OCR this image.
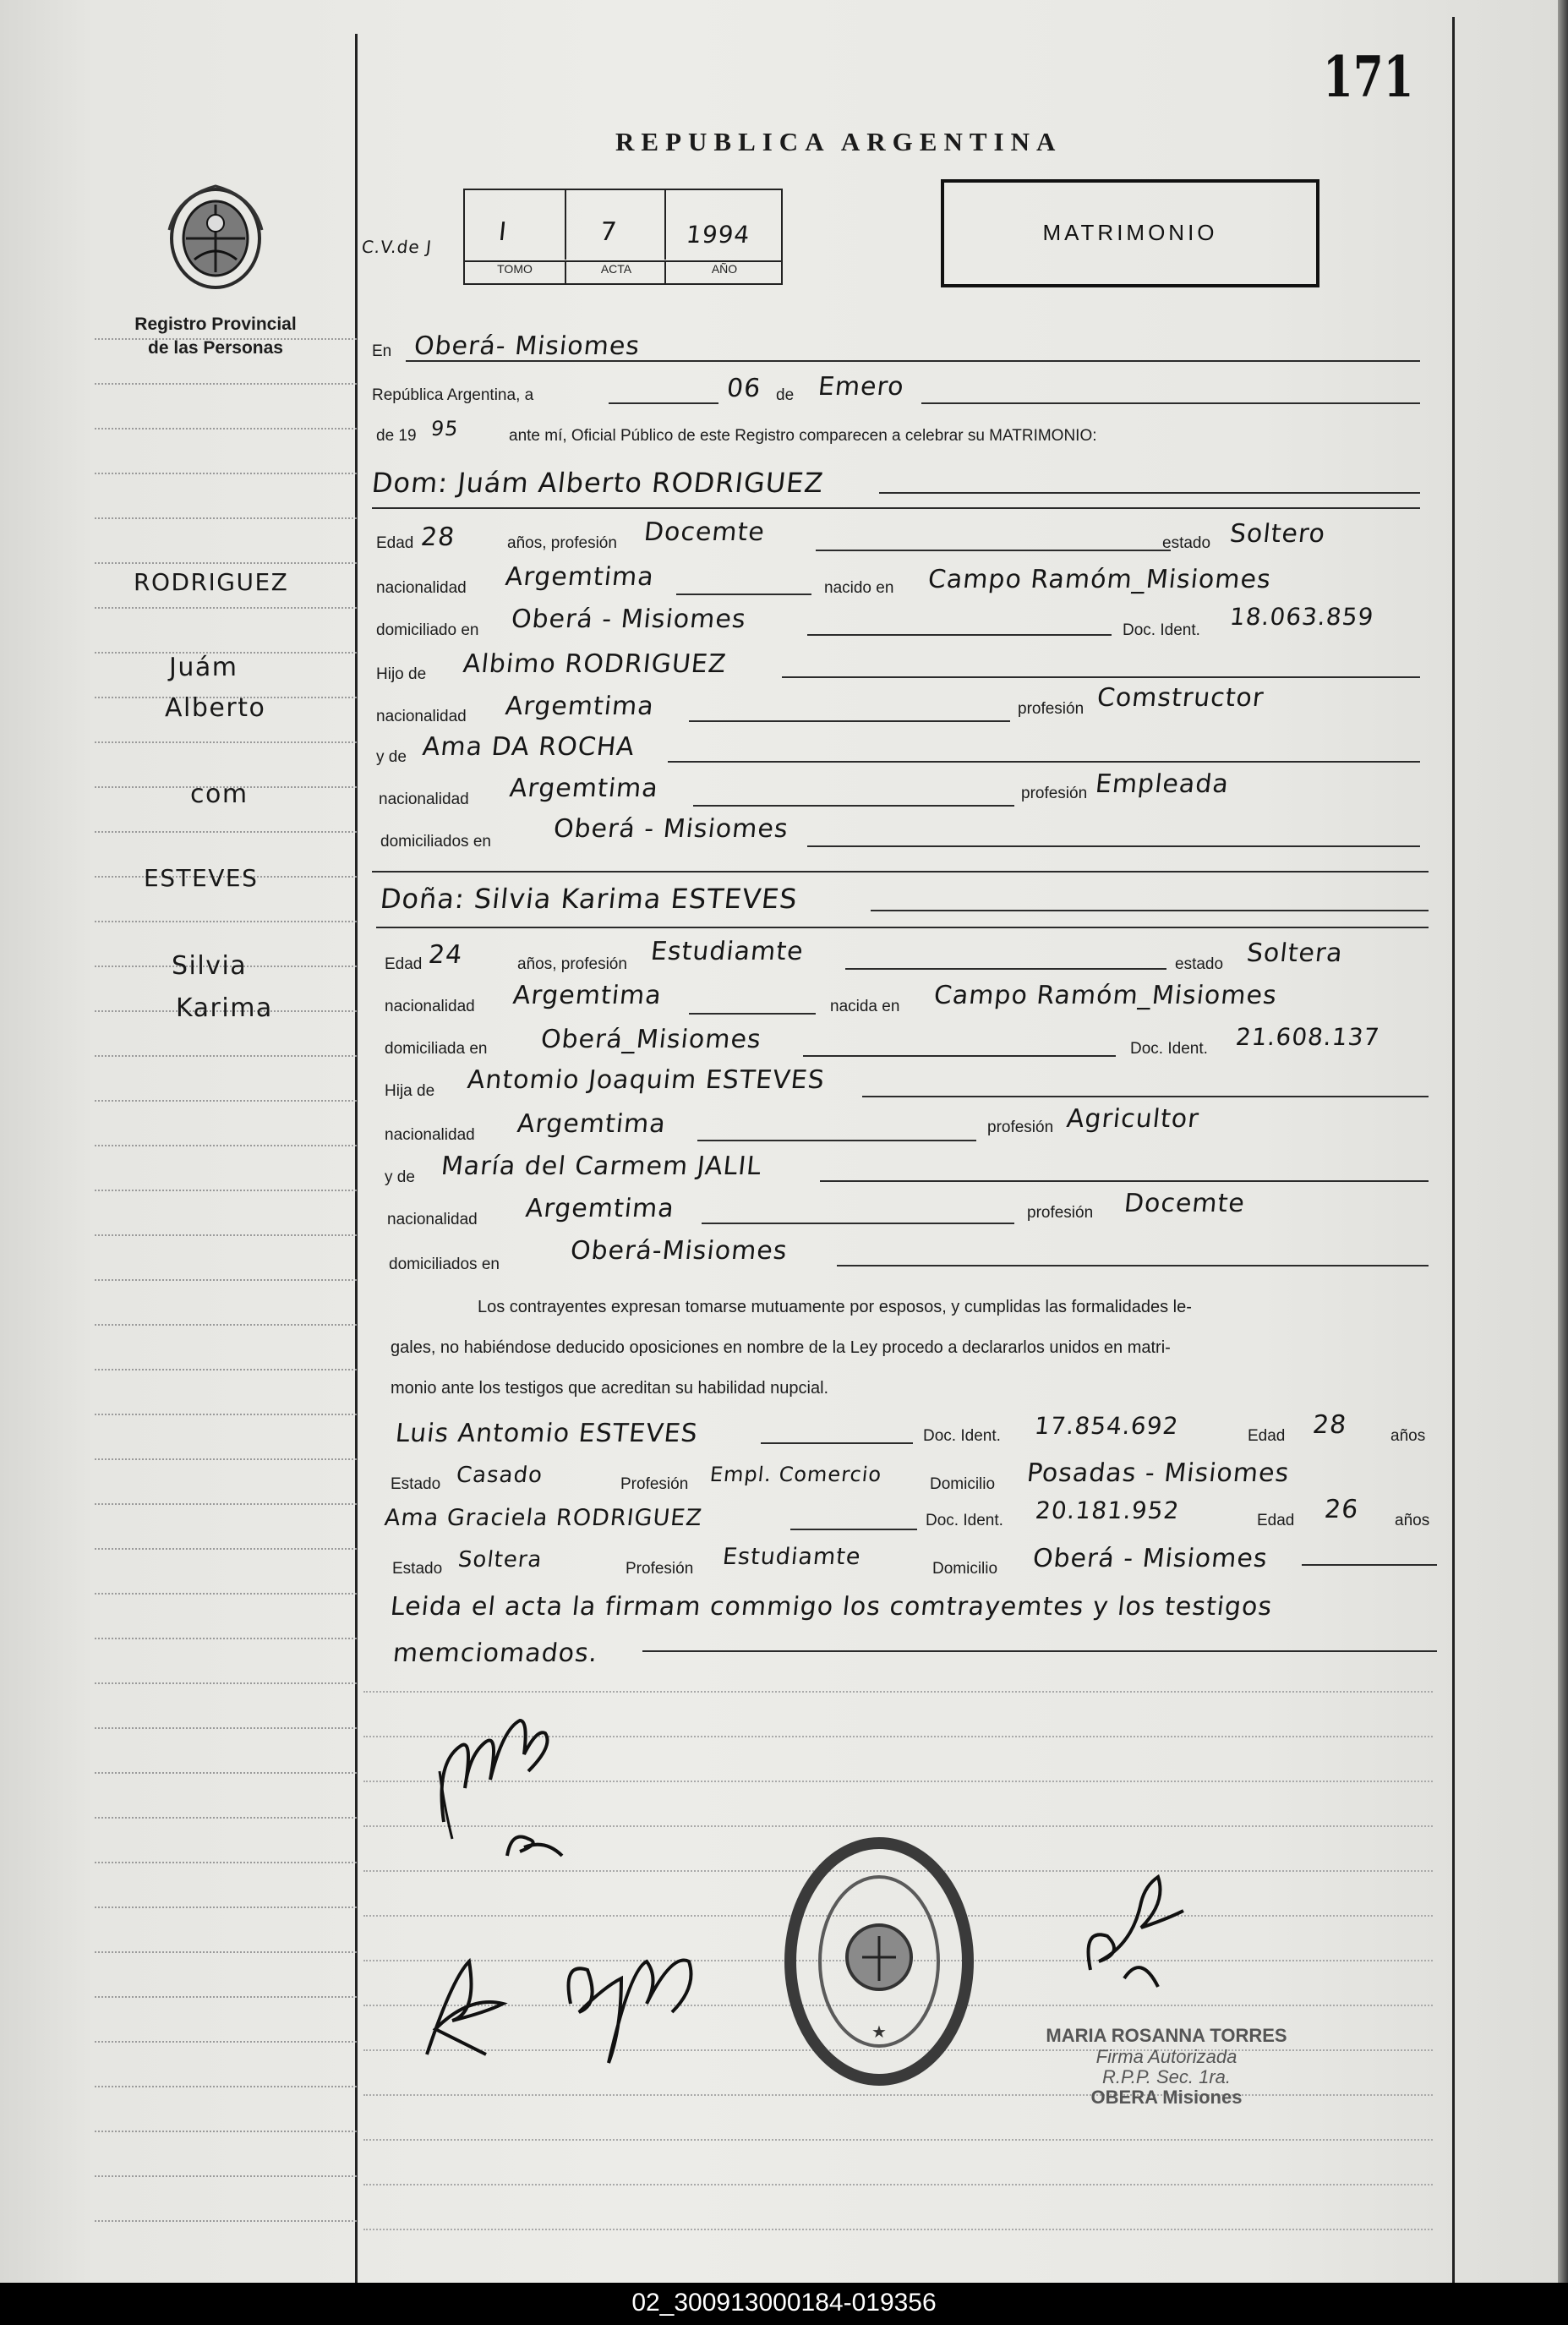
171
REPUBLICA ARGENTINA
Registro Provincial
de las Personas
C.V.de J	I	7	1994
TOMO	ACTA	AÑO
MATRIMONIO
En Oberá- Misiomes
República Argentina, a	06 de Emero
de 19 95	ante mí, Oficial Público de este Registro comparecen a celebrar su MATRIMONIO:
Dom: Juám Alberto RODRIGUEZ
Edad 28	años, profesión Docemte	estado Soltero
nacionalidad Argemtima	nacido en Campo Ramóm_Misiomes
domiciliado en Oberá - Misiomes	Doc. Ident. 18.063.859
Hijo de Albimo RODRIGUEZ
nacionalidad Argemtima	profesión Comstructor
y de Ama DA ROCHA
nacionalidad Argemtima	profesión Empleada
domiciliados en Oberá - Misiomes
Doña: Silvia Karima ESTEVES
Edad 24	años, profesión Estudiamte	estado Soltera
nacionalidad Argemtima	nacida en Campo Ramóm_Misiomes
domiciliada en Oberá_Misiomes	Doc. Ident. 21.608.137
Hija de Antomio Joaquim ESTEVES
nacionalidad Argemtima	profesión Agricultor
y de María del Carmem JALIL
nacionalidad Argemtima	profesión Docemte
domiciliados en	Oberá-Misiomes
Los contrayentes expresan tomarse mutuamente por esposos, y cumplidas las formalidades le-
gales, no habiéndose deducido oposiciones en nombre de la Ley procedo a declararlos unidos en matri-
monio ante los testigos que acreditan su habilidad nupcial.
Luis Antomio ESTEVES	Doc. Ident. 17.854.692	Edad 28	años
Estado Casado	Profesión Empl. Comercio	Domicilio Posadas - Misiomes
Ama Graciela RODRIGUEZ	Doc. Ident. 20.181.952	Edad 26 años
Estado Soltera	Profesión Estudiamte	Domicilio Oberá - Misiomes
Leida el acta la firmam commigo los comtrayemtes y los testigos
memciomados.
★	MARIA ROSANNA TORRES
Firma Autorizada
R.P.P. Sec. 1ra.
OBERA Misiones
RODRIGUEZ
Juám
Alberto
com
ESTEVES
Silvia
Karima
02_300913000184-019356
